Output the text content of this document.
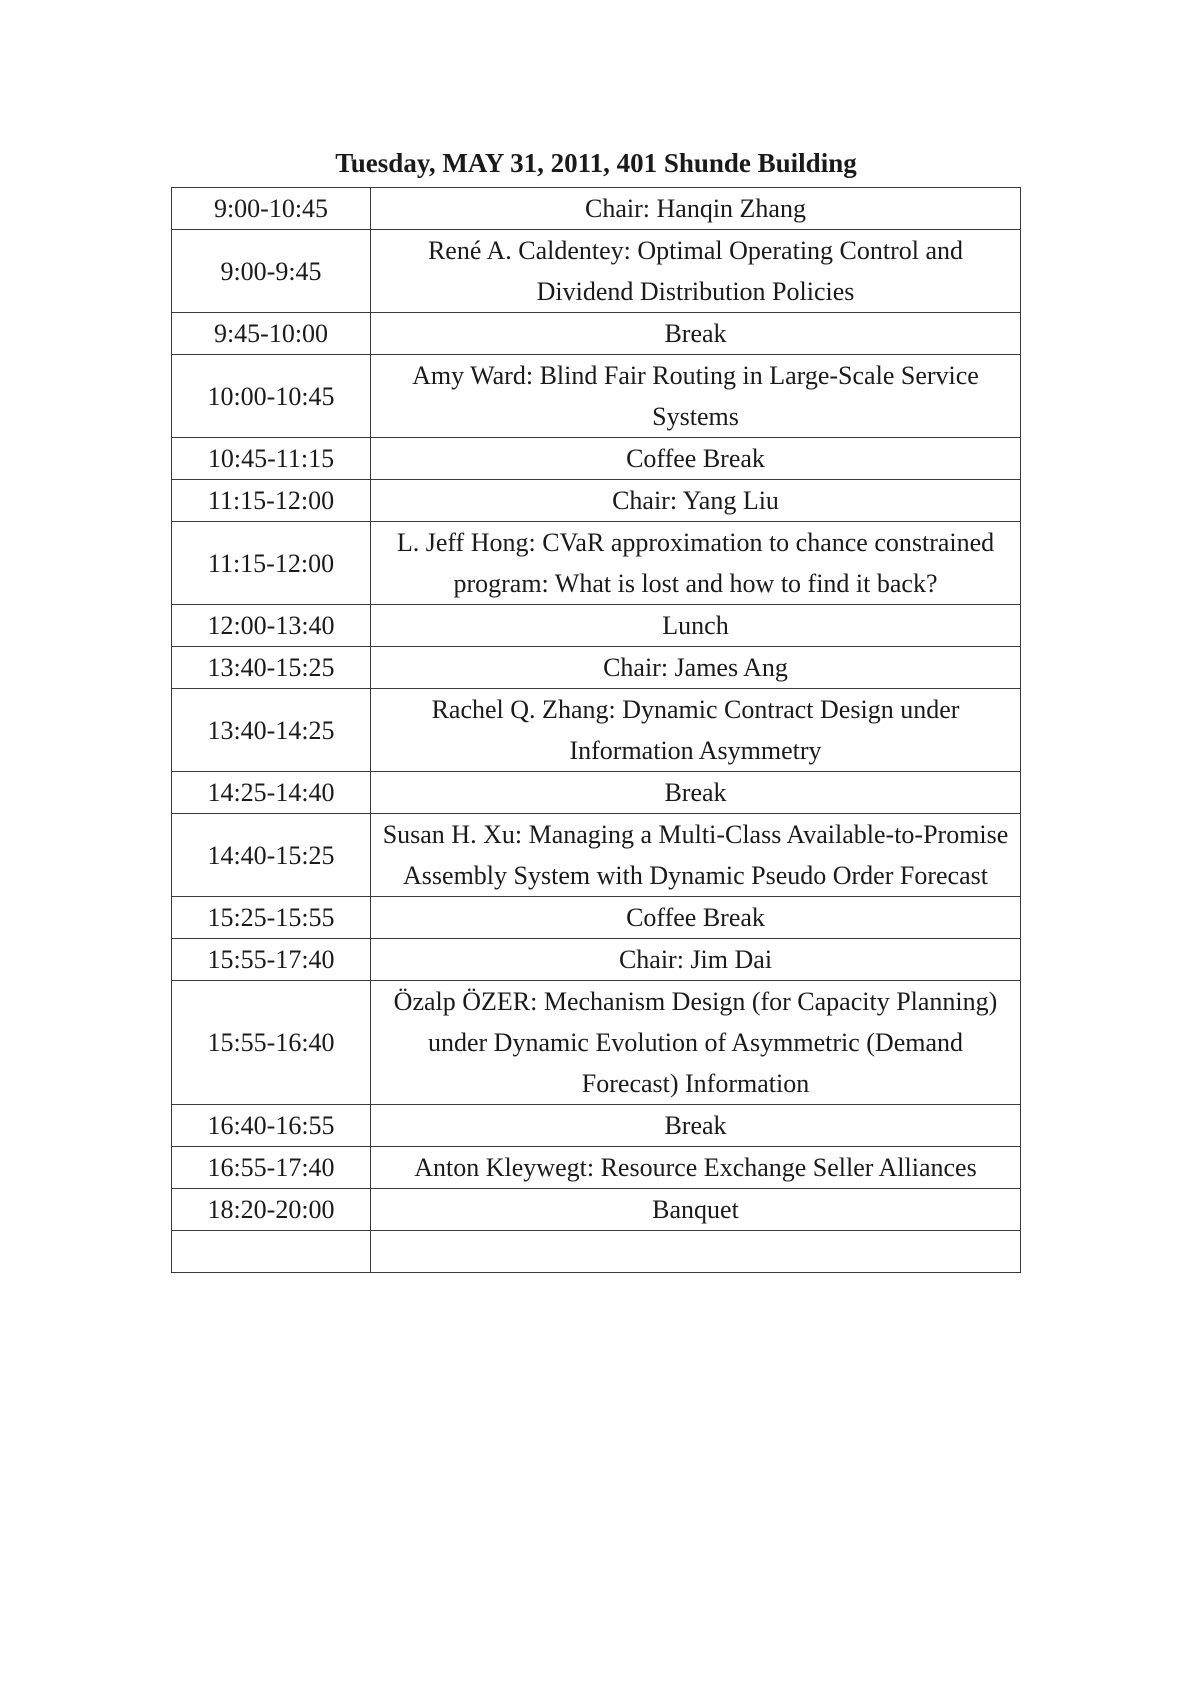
Tuesday, MAY 31, 2011, 401 Shunde Building
9:00-10:45	Chair: Hanqin Zhang
9:00-9:45	René A. Caldentey: Optimal Operating Control and Dividend Distribution Policies
9:45-10:00	Break
10:00-10:45	Amy Ward: Blind Fair Routing in Large-Scale Service Systems
10:45-11:15	Coffee Break
11:15-12:00	Chair: Yang Liu
11:15-12:00	L. Jeff Hong: CVaR approximation to chance constrained program: What is lost and how to find it back?
12:00-13:40	Lunch
13:40-15:25	Chair: James Ang
13:40-14:25	Rachel Q. Zhang: Dynamic Contract Design under Information Asymmetry
14:25-14:40	Break
14:40-15:25	Susan H. Xu: Managing a Multi-Class Available-to-Promise Assembly System with Dynamic Pseudo Order Forecast
15:25-15:55	Coffee Break
15:55-17:40	Chair: Jim Dai
15:55-16:40	Özalp ÖZER: Mechanism Design (for Capacity Planning) under Dynamic Evolution of Asymmetric (Demand Forecast) Information
16:40-16:55	Break
16:55-17:40	Anton Kleywegt: Resource Exchange Seller Alliances
18:20-20:00	Banquet
